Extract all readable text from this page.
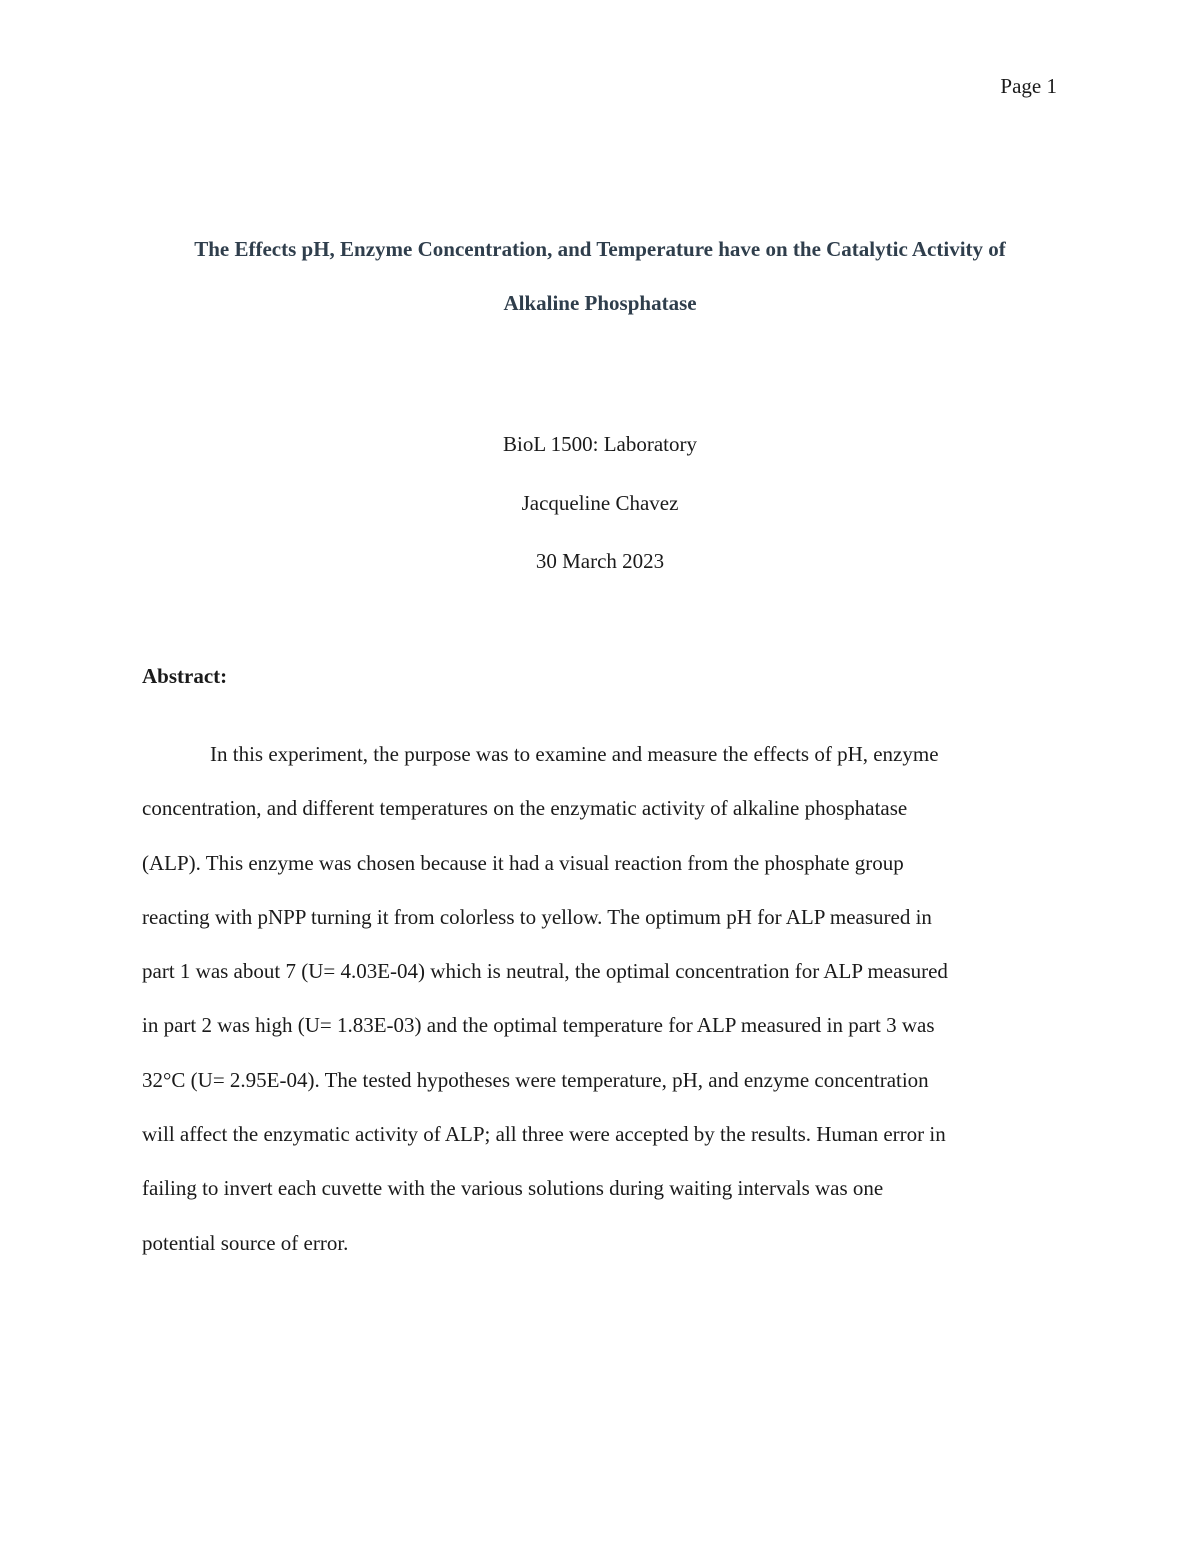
Page 1
The Effects pH, Enzyme Concentration, and Temperature have on the Catalytic Activity of
Alkaline Phosphatase
BioL 1500: Laboratory
Jacqueline Chavez
30 March 2023
Abstract:
In this experiment, the purpose was to examine and measure the effects of pH, enzyme
concentration, and different temperatures on the enzymatic activity of alkaline phosphatase
(ALP). This enzyme was chosen because it had a visual reaction from the phosphate group
reacting with pNPP turning it from colorless to yellow. The optimum pH for ALP measured in
part 1 was about 7 (U= 4.03E-04) which is neutral, the optimal concentration for ALP measured
in part 2 was high (U= 1.83E-03) and the optimal temperature for ALP measured in part 3 was
32°C (U= 2.95E-04). The tested hypotheses were temperature, pH, and enzyme concentration
will affect the enzymatic activity of ALP; all three were accepted by the results. Human error in
failing to invert each cuvette with the various solutions during waiting intervals was one
potential source of error.
